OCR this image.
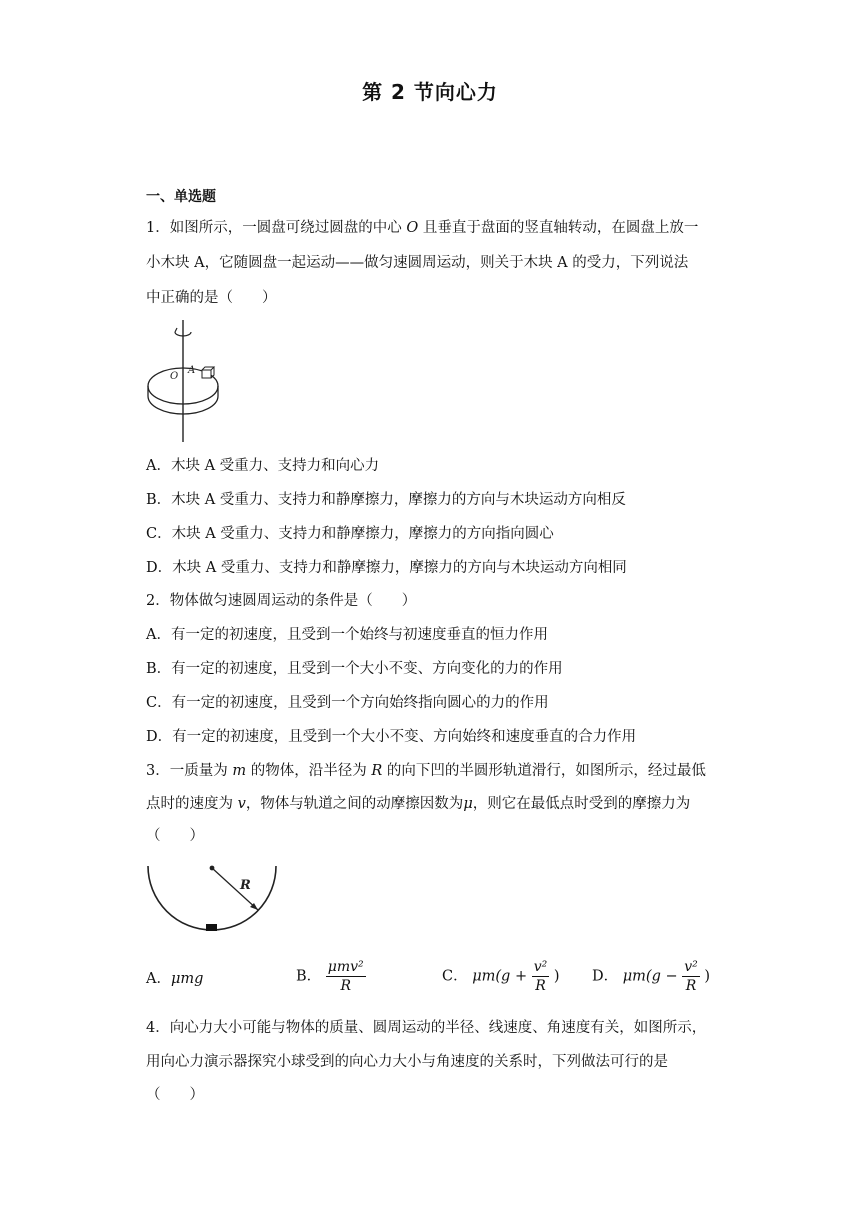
第 2 节向心力
一、单选题
1．如图所示，一圆盘可绕过圆盘的中心 O 且垂直于盘面的竖直轴转动，在圆盘上放一
小木块 A，它随圆盘一起运动——做匀速圆周运动，则关于木块 A 的受力，下列说法
中正确的是（　　）
O
A
A．木块 A 受重力、支持力和向心力
B．木块 A 受重力、支持力和静摩擦力，摩擦力的方向与木块运动方向相反
C．木块 A 受重力、支持力和静摩擦力，摩擦力的方向指向圆心
D．木块 A 受重力、支持力和静摩擦力，摩擦力的方向与木块运动方向相同
2．物体做匀速圆周运动的条件是（　　）
A．有一定的初速度，且受到一个始终与初速度垂直的恒力作用
B．有一定的初速度，且受到一个大小不变、方向变化的力的作用
C．有一定的初速度，且受到一个方向始终指向圆心的力的作用
D．有一定的初速度，且受到一个大小不变、方向始终和速度垂直的合力作用
3．一质量为 m 的物体，沿半径为 R 的向下凹的半圆形轨道滑行，如图所示，经过最低
点时的速度为 v，物体与轨道之间的动摩擦因数为μ，则它在最低点时受到的摩擦力为
（　　）
R
A．μmg	B． $\frac{\text{μmv²}}{R}$	C． $\mu m(g + \frac{\text{v²}}{R}$ ) D． $\mu m(g - \frac{\text{v²}}{R}$ )
4．向心力大小可能与物体的质量、圆周运动的半径、线速度、角速度有关，如图所示，
用向心力演示器探究小球受到的向心力大小与角速度的关系时，下列做法可行的是
（　　）
